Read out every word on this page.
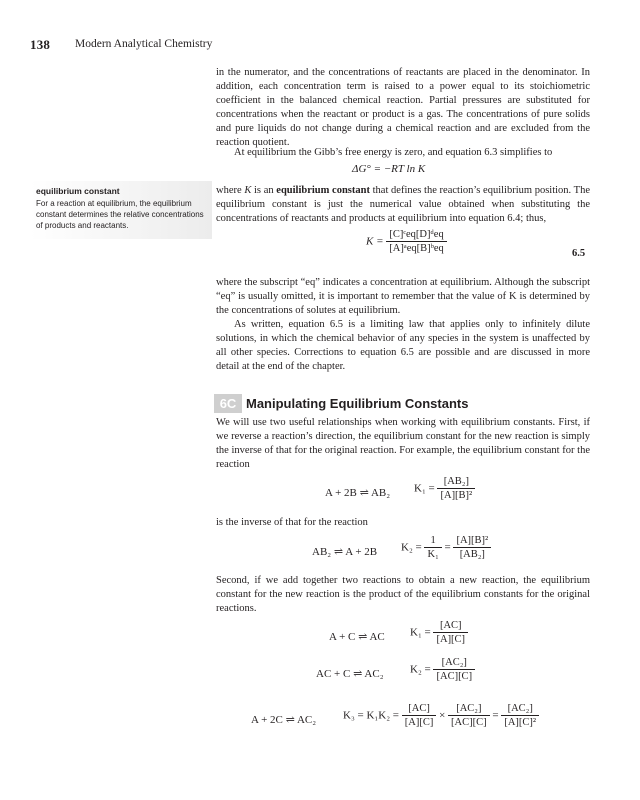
138 Modern Analytical Chemistry
in the numerator, and the concentrations of reactants are placed in the denominator. In addition, each concentration term is raised to a power equal to its stoichiometric coefficient in the balanced chemical reaction. Partial pressures are substituted for concentrations when the reactant or product is a gas. The concentrations of pure solids and pure liquids do not change during a chemical reaction and are excluded from the reaction quotient.
At equilibrium the Gibb’s free energy is zero, and equation 6.3 simplifies to
ΔG° = −RT ln K
equilibrium constant
For a reaction at equilibrium, the equilibrium constant determines the relative concentrations of products and reactants.
where K is an equilibrium constant that defines the reaction’s equilibrium position. The equilibrium constant is just the numerical value obtained when substituting the concentrations of reactants and products at equilibrium into equation 6.4; thus,
$K = \frac{\text{[C]ᶜeq[D]ᵈeq}}{\text{[A]ᵃeq[B]ᵇeq}}$	6.5
where the subscript “eq” indicates a concentration at equilibrium. Although the subscript “eq” is usually omitted, it is important to remember that the value of K is determined by the concentrations of solutes at equilibrium.
As written, equation 6.5 is a limiting law that applies only to infinitely dilute solutions, in which the chemical behavior of any species in the system is unaffected by all other species. Corrections to equation 6.5 are possible and are discussed in more detail at the end of the chapter.
6C Manipulating Equilibrium Constants
We will use two useful relationships when working with equilibrium constants. First, if we reverse a reaction’s direction, the equilibrium constant for the new reaction is simply the inverse of that for the original reaction. For example, the equilibrium constant for the reaction
A + 2B ⇌ AB₂ $K_1 = \frac{\text{[AB₂]}}{\text{[A][B]²}}$
is the inverse of that for the reaction
AB₂ ⇌ A + 2B $K_2 = \frac{1}{\text{K₁}} = \frac{\text{[A][B]²}}{\text{[AB₂]}}$
Second, if we add together two reactions to obtain a new reaction, the equilibrium constant for the new reaction is the product of the equilibrium constants for the original reactions.
A + C ⇌ AC $K_1 = \frac{[AC]}{[A][C]}$
AC + C ⇌ AC₂ $K_2 = \frac{\text{[AC₂]}}{[AC][C]}$
A + 2C ⇌ AC₂ $K_3 = K_1K_2 = \frac{[AC]}{[A][C]} \times \frac{\text{[AC₂]}}{[AC][C]} = \frac{\text{[AC₂]}}{\text{[A][C]²}}$
